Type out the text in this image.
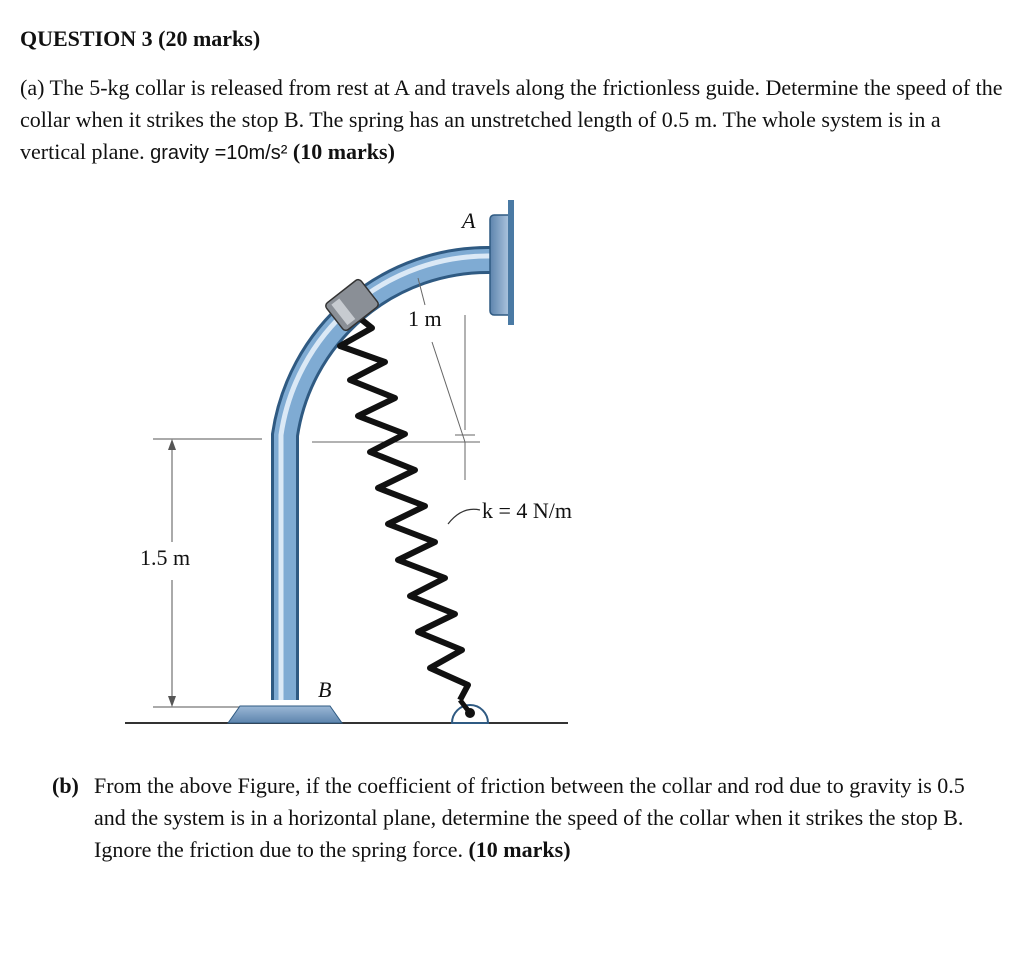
QUESTION 3 (20 marks)
(a) The 5-kg collar is released from rest at A and travels along the frictionless guide. Determine the speed of the collar when it strikes the stop B. The spring has an unstretched length of 0.5 m. The whole system is in a vertical plane. gravity =10m/s² (10 marks)
A
1 m
1.5 m
B
k = 4 N/m
(b) From the above Figure, if the coefficient of friction between the collar and rod due to gravity is 0.5 and the system is in a horizontal plane, determine the speed of the collar when it strikes the stop B. Ignore the friction due to the spring force. (10 marks)
